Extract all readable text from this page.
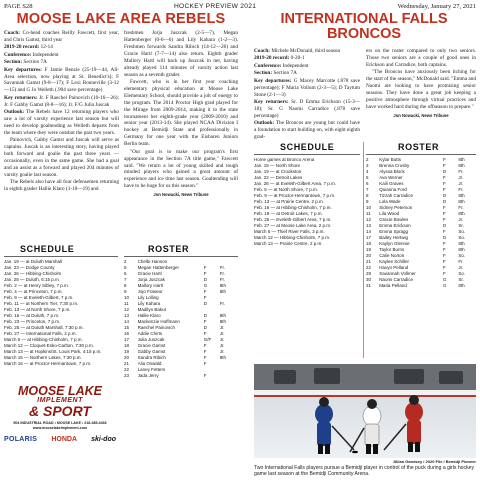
PAGE S28	HOCKEY PREVIEW 2021	Wednesday, January 27, 2021
MOOSE LAKE AREA REBELS	INTERNATIONAL FALLS
BRONCOS

Coach: Co-head coaches Reilly Fawcett, first year, and Chris Gamst, third year

2019-20 record: 12-14

Conference: Independent

Section: Section 7A

Key departures: F Jamie Benzie (25-19—44, All-Area selection, now playing at St. Benedict's); F Savannah Gamst (9-8—17); F Lexi Bonneville (3-12—15) and G Jo Welleth (.904 save percentage)

Key returners: Jr. F Raechel Painovich (10-16—26); Jr. F Gabby Gamst (8-8—16); Jr. F/G Julia Juscak

Outlook: The Rebels have 12 returning players who saw a lot of varsity experience last season but will need to develop goaltending as Welleth departs from the team where they were outshot the past two years.

Painovich, Gabby Gamst and Juscak will serve as captains. Juscak is an interesting story, having played both forward and goalie the past three years — occasionally, even in the same game. She had a goal and an assist as a forward and played 204 minutes of varsity goalie last season.

The Rebels also have all four defensemen returning in eighth grader Hallie Klaro (1-18—19) and

freshmen Jorja Juszcak (2-5—7), Megan Hattenberger (0-6—6) and Lily Kahara (1-2—3). Freshmen forwards Sandra Ribich (14-12—26) and Gracie Hartl (7-7—14) also return. Eighth grader Mallory Hartl will back up Juszcak in net, having already played 114 minutes of varsity action last season as a seventh grader.

Fawcett, who is in her first year coaching elementary physical education at Moose Lake Elementary School, should provide a jolt of energy to the program. The 2014 Proctor High grad played for the Mirage from 2009-2014, making it to the state tournament her eighth-grade year (2009-2010) and senior year (2013-14). She played NCAA Division I hockey at Bemidji State and professionally in Germany for one year with the Eisbaren Juniors Berlin team.

"Our goal is to make our program's first appearance in the Section 7A title game," Fawcett said. "We return a lot of young skilled and tough minded players who gained a great amount of experience and ice time last season. Goaltending will have to be huge for us this season."

Jon Nowacki, News Tribune
SCHEDULE
Jan. 19 — at Duluth Marshall
Jan. 23 — Dodge County
Jan. 26 — Hibbing-Chisholm
Jan. 28 — Duluth, 6:15 p.m.
Feb. 2 — at Henry Sibley, 7 p.m.
Feb. 4 — at Princeton, 7 p.m.
Feb. 9 — at Eveleth-Gilbert, 7 p.m.
Feb. 11 — at Northern Tier, 7:30 p.m.
Feb. 13 — at North Shore, 7 p.m.
Feb. 16 — at Duluth, 7 p.m.
Feb. 23 — Princeton, 7 p.m.
Feb. 25 — at Duluth Marshall, 7:30 p.m.
Feb. 27 — International Falls, 2 p.m.
March 5 — at Hibbing-Chisholm, 7 p.m.
March 12 — Cloquet-Esko-Carlton, 7:30 p.m.
March 13 — at Hopkins/St. Louis Park, 4:15 p.m.
March 15 — Northern Lakes, 7:30 p.m.
March 16 — at Proctor-Hermantown, 7 p.m.
ROSTER
2	Chelbi Hanson
5	Megan Hattenberger	F	Fr.
6	Gracie Hartl	F	Fr.
7	Jorja Juszcak	D	Fr.
8	Mallory Hartl	G	8th
9	Jojo Fraseur	F	8th
10	Lily Lolling	F
11	Lily Kahara	D	Fr.
12	Madilyn Bakut
13	Hallie Klaro	D	8th
14	Mackenzie Hoffmann	F	8th
15	Raechel Painovich	D	Jr.
16	Addie Chirts	F	Jr.
17	Julia Juszcak	G/F	Jr.
18	Gracie Gamst	F	Jr.
19	Gabby Gamst	F	Jr.
20	Sandra Ribich	F	8th
21	Alia Oswald	F
22	Laney Fetters
23	Jada Jerry	F
MOOSE LAKE
IMPLEMENT
& SPORT
504 INDUSTRIAL ROAD • MOOSE LAKE • 218-485-4466
www.mooselakeimplement.com
POLARIS HONDA ski-doo

Coach: Michele McDonald, third season

2019-20 record: 0-20-1

Conference: Independent

Section: Section 7A

Key departures: G Macey Marcotte (.878 save percentage); F Maria Vollum (2-3—5); D Taytum Stone (2-1—3)

Key returners: Sr. D Emma Erickson (15-3—18); Sr. G Naomi Carradice (.878 save percentage)

Outlook: The Broncos are young but could have a foundation to start building on, with eight eighth grad-

ers on the roster compared to only two seniors. Those two seniors are a couple of good ones in Erickson and Carradice, both captains.

"The Broncos have anxiously been itching for the start of the season," McDonald said. "Emma and Naomi are looking to have promising senior seasons. They have done a great job keeping a positive atmosphere through virtual practices and have worked hard during the offseason to prepare."

Jon Nowacki, News Tribune
SCHEDULE
Home games at Bronco Arena
Jan. 15 — North Shore
Jan. 19 — at Crookston
Jan. 22 — Detroit Lakes
Jan. 26 — at Eveleth-Gilbert Area, 7 p.m.
Feb. 5 — at North Shore, 7 p.m.
Feb. 9 — at Proctor-Hermantown, 7 p.m.
Feb. 13 — at Prairie Centre, 2 p.m.
Feb. 16 — at Hibbing-Chisholm, 7 p.m.
Feb. 19 — at Detroit Lakes, 7 p.m.
Feb. 25 — Eveleth-Gilbert Area, 7 p.m.
Feb. 27 — at Moose Lake Area, 2 p.m.
March 6 — Thief River Falls, 3 p.m.
March 12 — Hibbing-Chisholm, 7 p.m.
March 13 — Prairie Centre, 2 p.m.
ROSTER
2	Kylar Butts	F	8th
3	Brenna Crosby	F	8th
4	Alyssa Block	D	Fr.
5	Ava Werner	F	Jr.
6	Kaili Graves	F	Jr.
7	Quianna Ford	F	Fr.
8	Tizzah Carradice	D	8th
9	Lola Wade	D	8th
10	Sidney Peterson	F	Fr.
11	Lila Wood	F	8th
12	Gracie Bowles	F	Jr.
13	Emma Erickson	D	Sr.
14	Emma Spragg	F	So.
17	Bailey Hertwig	D	So.
18	Kaylyn Glennie	F	8th
19	Taylor Burns	F	8th
20	Calie Norton	F	So.
21	Kaylee Schiller	F	Fr.
22	Havyn Pelland	F	Jr.
29	Savannah Vollmer	F	So.
30	Naomi Carradice	G	Sr.
31	Maria Pelland	G	8th
Jillian Gandsey / 2020 File / Bemidji Pioneer
Two International Falls players pursue a Bemidji player in control of the puck during a girls hockey game last season at the Bemidji Community Arena.
